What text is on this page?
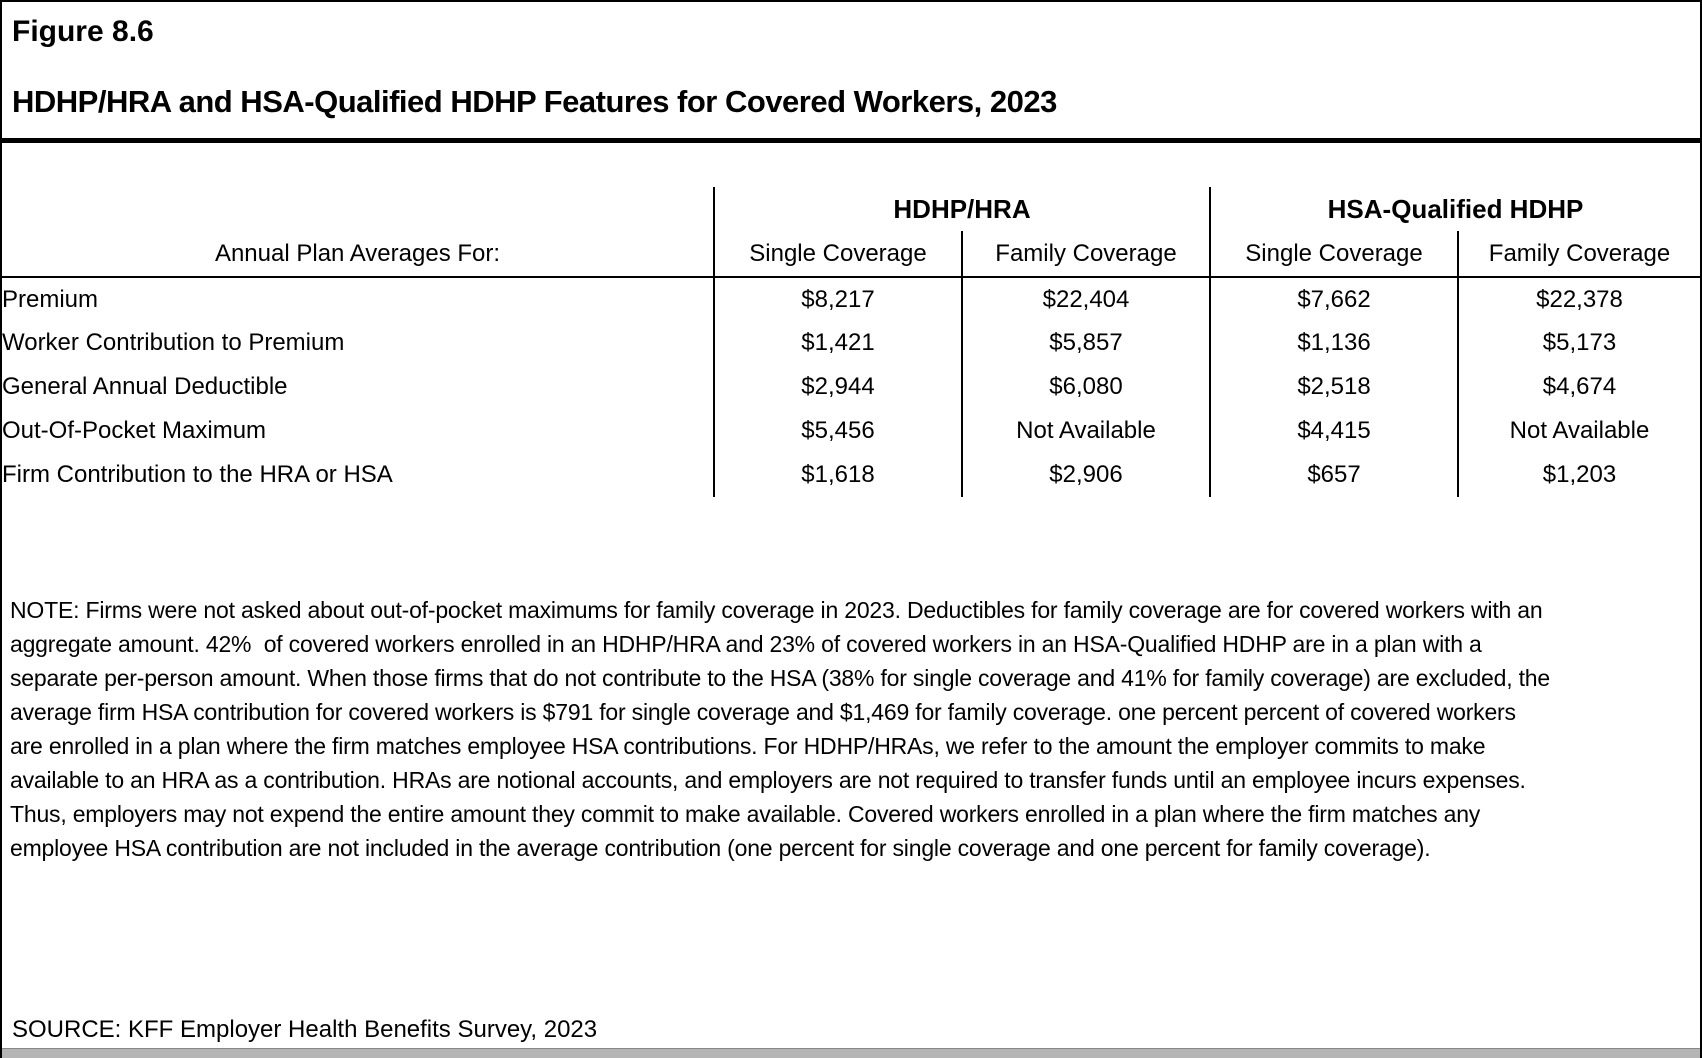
Figure 8.6
HDHP/HRA and HSA-Qualified HDHP Features for Covered Workers, 2023
	HDHP/HRA		HSA-Qualified HDHP	
Annual Plan Averages For:	Single Coverage	Family Coverage	Single Coverage	Family Coverage
Premium	$8,217	$22,404	$7,662	$22,378
Worker Contribution to Premium	$1,421	$5,857	$1,136	$5,173
General Annual Deductible	$2,944	$6,080	$2,518	$4,674
Out-Of-Pocket Maximum	$5,456	Not Available	$4,415	Not Available
Firm Contribution to the HRA or HSA	$1,618	$2,906	$657	$1,203

NOTE: Firms were not asked about out-of-pocket maximums for family coverage in 2023. Deductibles for family coverage are for covered workers with an aggregate amount. 42%  of covered workers enrolled in an HDHP/HRA and 23% of covered workers in an HSA-Qualified HDHP are in a plan with a separate per-person amount. When those firms that do not contribute to the HSA (38% for single coverage and 41% for family coverage) are excluded, the average firm HSA contribution for covered workers is $791 for single coverage and $1,469 for family coverage. one percent percent of covered workers are enrolled in a plan where the firm matches employee HSA contributions. For HDHP/HRAs, we refer to the amount the employer commits to make available to an HRA as a contribution. HRAs are notional accounts, and employers are not required to transfer funds until an employee incurs expenses. Thus, employers may not expend the entire amount they commit to make available. Covered workers enrolled in a plan where the firm matches any employee HSA contribution are not included in the average contribution (one percent for single coverage and one percent for family coverage).

SOURCE: KFF Employer Health Benefits Survey, 2023
